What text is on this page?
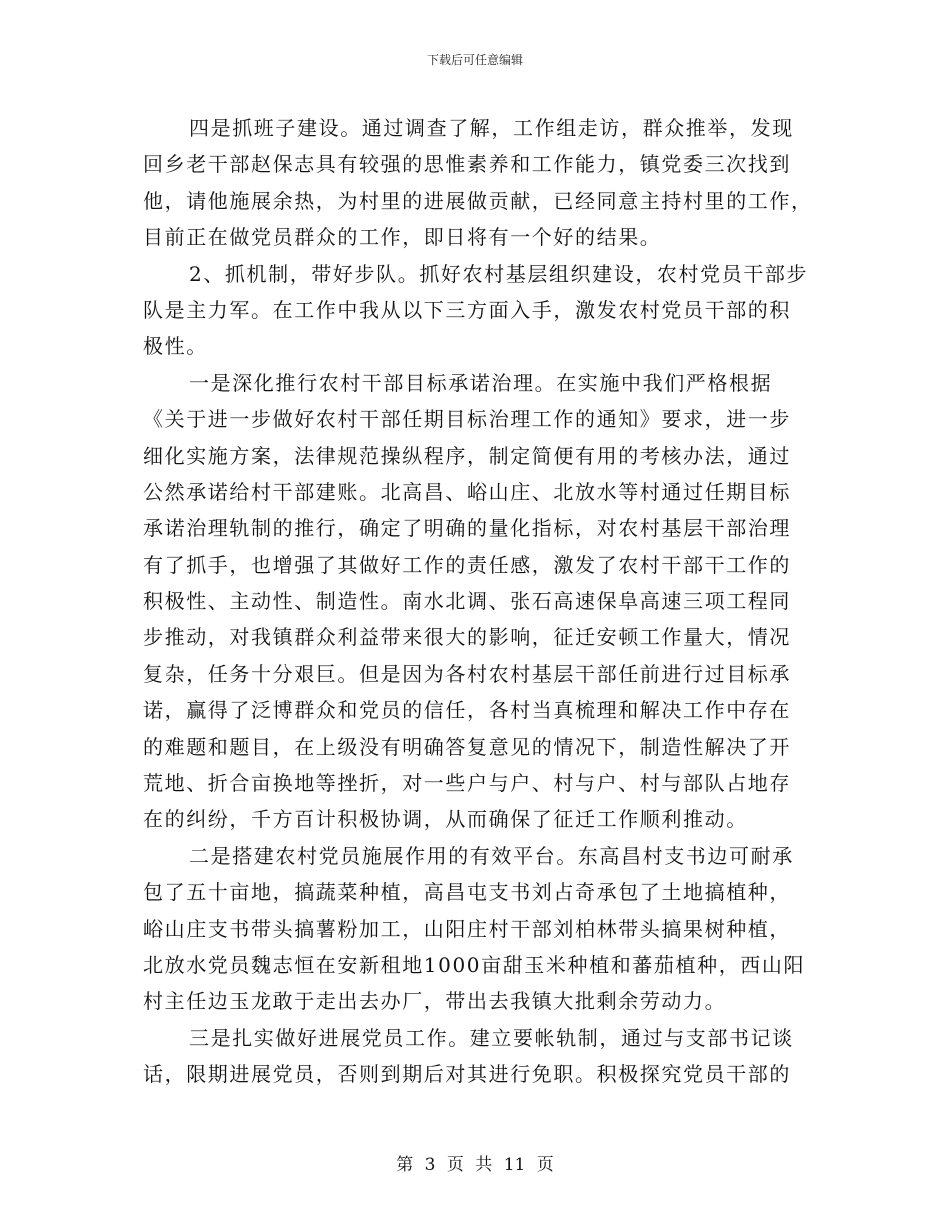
下载后可任意编辑
四是抓班子建设。通过调查了解，工作组走访，群众推举，发现
回乡老干部赵保志具有较强的思惟素养和工作能力，镇党委三次找到
他，请他施展余热，为村里的进展做贡献，已经同意主持村里的工作，
目前正在做党员群众的工作，即日将有一个好的结果。
2、抓机制，带好步队。抓好农村基层组织建设，农村党员干部步
队是主力军。在工作中我从以下三方面入手，激发农村党员干部的积
极性。
一是深化推行农村干部目标承诺治理。在实施中我们严格根据
《关于进一步做好农村干部任期目标治理工作的通知》要求，进一步
细化实施方案，法律规范操纵程序，制定简便有用的考核办法，通过
公然承诺给村干部建账。北高昌、峪山庄、北放水等村通过任期目标
承诺治理轨制的推行，确定了明确的量化指标，对农村基层干部治理
有了抓手，也增强了其做好工作的责任感，激发了农村干部干工作的
积极性、主动性、制造性。南水北调、张石高速保阜高速三项工程同
步推动，对我镇群众利益带来很大的影响，征迁安顿工作量大，情况
复杂，任务十分艰巨。但是因为各村农村基层干部任前进行过目标承
诺，赢得了泛博群众和党员的信任，各村当真梳理和解决工作中存在
的难题和题目，在上级没有明确答复意见的情况下，制造性解决了开
荒地、折合亩换地等挫折，对一些户与户、村与户、村与部队占地存
在的纠纷，千方百计积极协调，从而确保了征迁工作顺利推动。
二是搭建农村党员施展作用的有效平台。东高昌村支书边可耐承
包了五十亩地，搞蔬菜种植，高昌屯支书刘占奇承包了土地搞植种，
峪山庄支书带头搞薯粉加工，山阳庄村干部刘柏林带头搞果树种植，
北放水党员魏志恒在安新租地1000亩甜玉米种植和蕃茄植种，西山阳
村主任边玉龙敢于走出去办厂，带出去我镇大批剩余劳动力。
三是扎实做好进展党员工作。建立要帐轨制，通过与支部书记谈
话，限期进展党员，否则到期后对其进行免职。积极探究党员干部的
第 3 页 共 11 页
